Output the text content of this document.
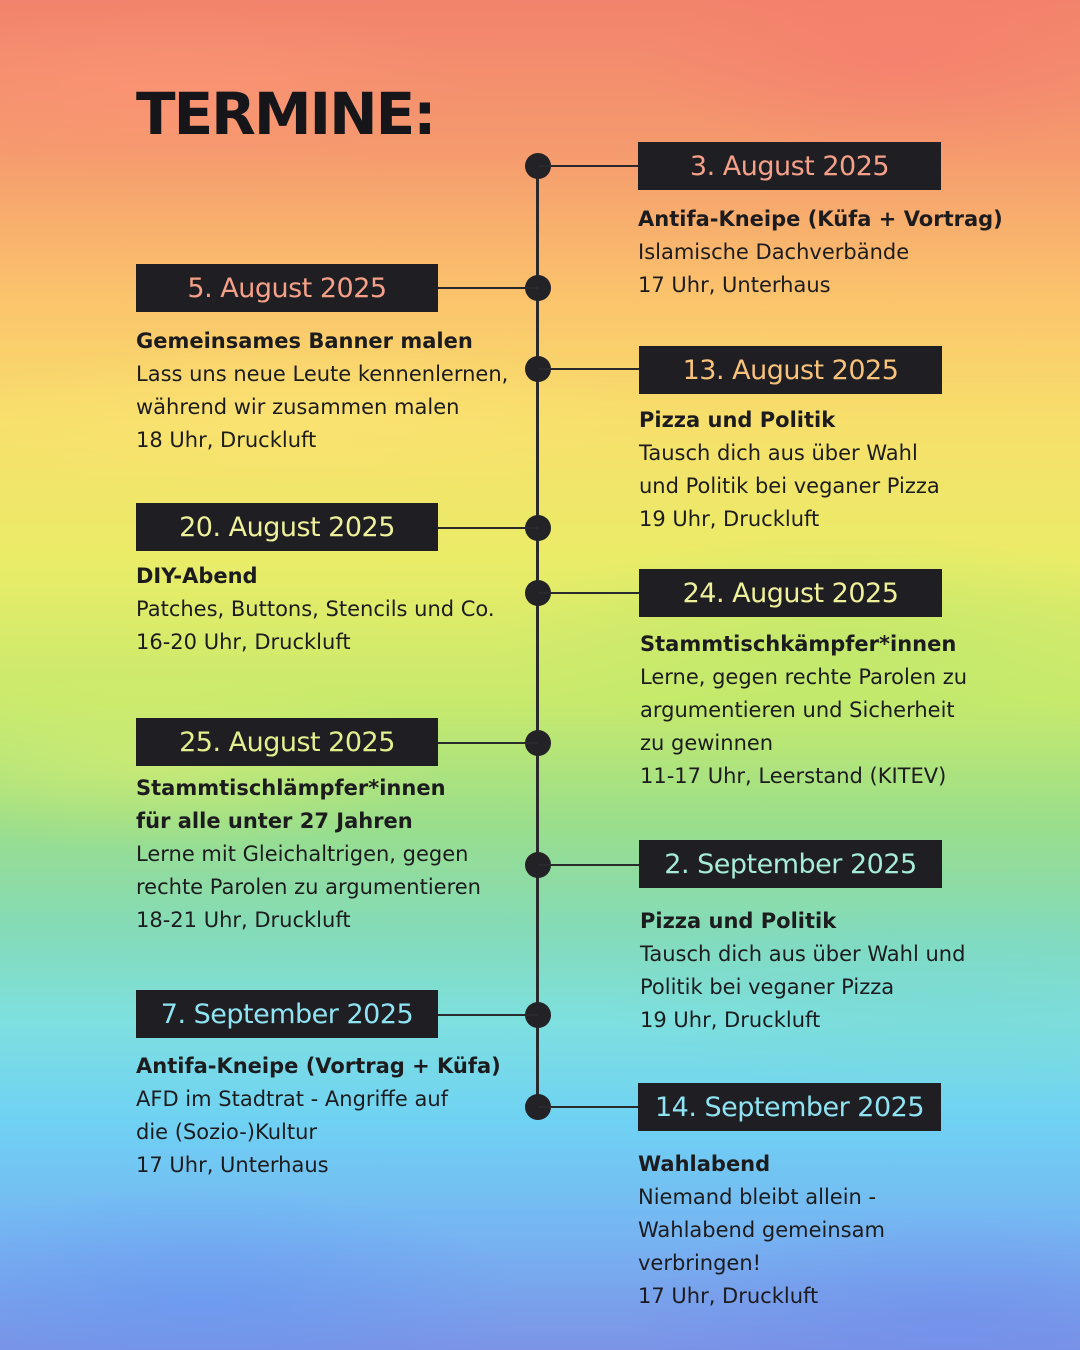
TERMINE:
3. August 2025
Antifa-Kneipe (Küfa + Vortrag)
Islamische Dachverbände
17 Uhr, Unterhaus
5. August 2025
Gemeinsames Banner malen
Lass uns neue Leute kennenlernen,
während wir zusammen malen
18 Uhr, Druckluft
13. August 2025
Pizza und Politik
Tausch dich aus über Wahl
und Politik bei veganer Pizza
19 Uhr, Druckluft
20. August 2025
DIY-Abend
Patches, Buttons, Stencils und Co.
16-20 Uhr, Druckluft
24. August 2025
Stammtischkämpfer*innen
Lerne, gegen rechte Parolen zu
argumentieren und Sicherheit
zu gewinnen
11-17 Uhr, Leerstand (KITEV)
25. August 2025
Stammtischlämpfer*innen
für alle unter 27 Jahren
Lerne mit Gleichaltrigen, gegen
rechte Parolen zu argumentieren
18-21 Uhr, Druckluft
2. September 2025
Pizza und Politik
Tausch dich aus über Wahl und
Politik bei veganer Pizza
19 Uhr, Druckluft
7. September 2025
Antifa-Kneipe (Vortrag + Küfa)
AFD im Stadtrat - Angriffe auf
die (Sozio-)Kultur
17 Uhr, Unterhaus
14. September 2025
Wahlabend
Niemand bleibt allein -
Wahlabend gemeinsam
verbringen!
17 Uhr, Druckluft
